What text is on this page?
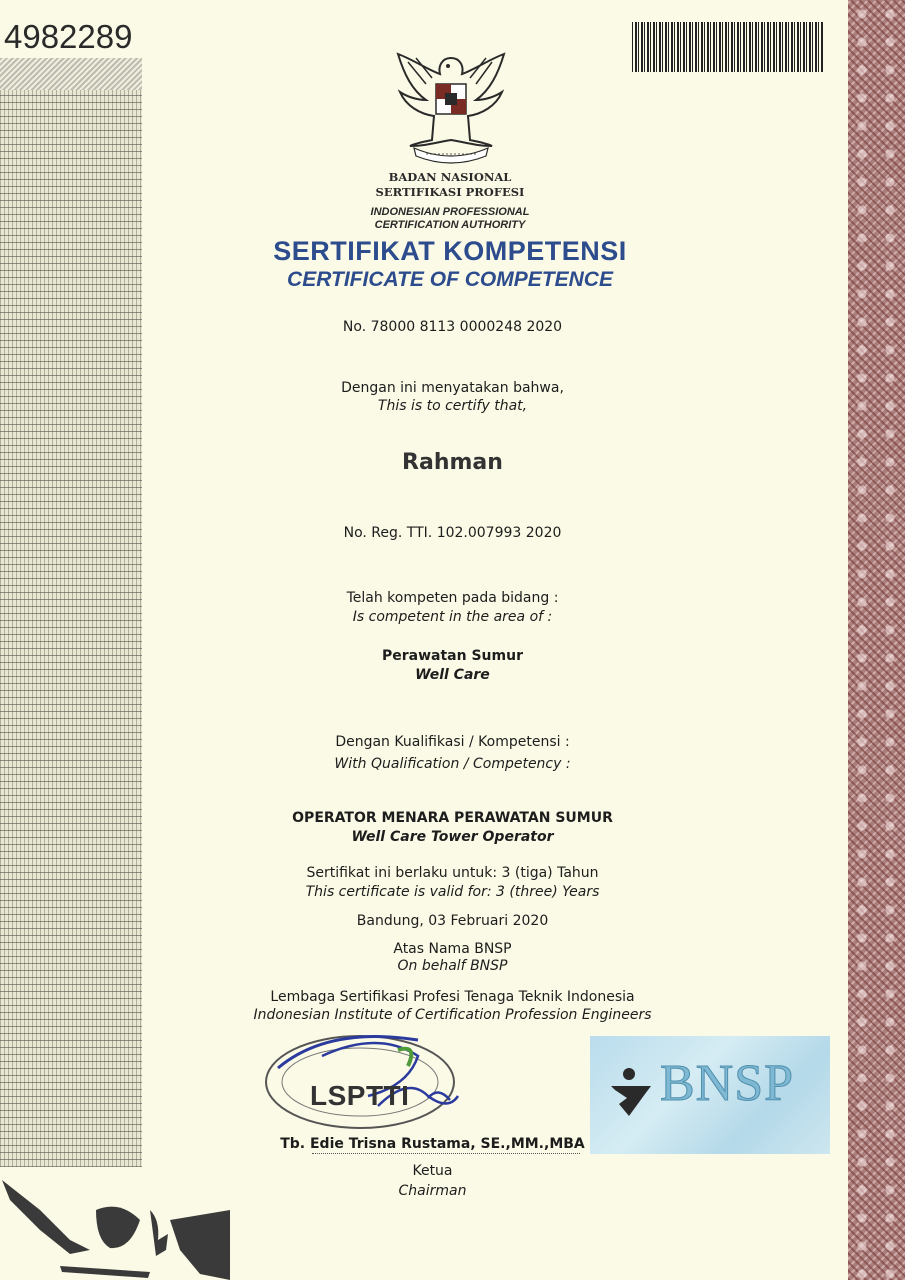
4982289
BADAN NASIONAL
SERTIFIKASI PROFESI
INDONESIAN PROFESSIONAL
CERTIFICATION AUTHORITY
SERTIFIKAT KOMPETENSI
CERTIFICATE OF COMPETENCE
No. 78000 8113 0000248 2020
Dengan ini menyatakan bahwa,
This is to certify that,
Rahman
No. Reg. TTI. 102.007993 2020
Telah kompeten pada bidang :
Is competent in the area of :
Perawatan Sumur
Well Care
Dengan Kualifikasi / Kompetensi :
With Qualification / Competency :
OPERATOR MENARA PERAWATAN SUMUR
Well Care Tower Operator
Sertifikat ini berlaku untuk: 3 (tiga) Tahun
This certificate is valid for: 3 (three) Years
Bandung, 03 Februari 2020
Atas Nama BNSP
On behalf BNSP
Lembaga Sertifikasi Profesi Tenaga Teknik Indonesia
Indonesian Institute of Certification Profession Engineers
LSPTTI	BNSP
Tb. Edie Trisna Rustama, SE.,MM.,MBA
Ketua
Chairman
